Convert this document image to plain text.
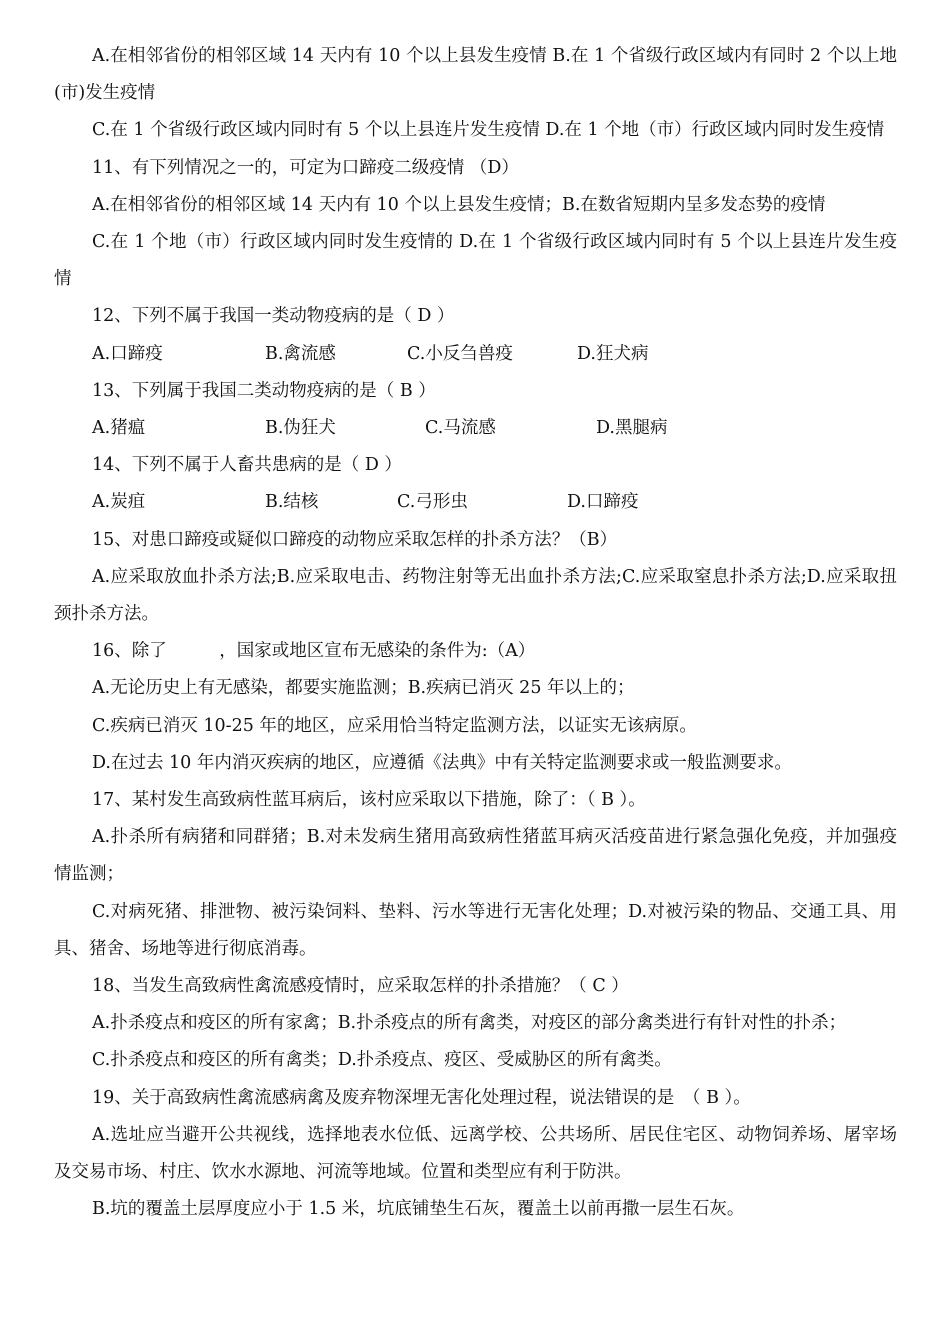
A.在相邻省份的相邻区域 14 天内有 10 个以上县发生疫情 B.在 1 个省级行政区域内有同时 2 个以上地(市)发生疫情

C.在 1 个省级行政区域内同时有 5 个以上县连片发生疫情 D.在 1 个地（市）行政区域内同时发生疫情

11、有下列情况之一的，可定为口蹄疫二级疫情 （D）

A.在相邻省份的相邻区域 14 天内有 10 个以上县发生疫情；B.在数省短期内呈多发态势的疫情

C.在 1 个地（市）行政区域内同时发生疫情的 D.在 1 个省级行政区域内同时有 5 个以上县连片发生疫情

12、下列不属于我国一类动物疫病的是（ D ）

A.口蹄疫	B.禽流感	C.小反刍兽疫	D.狂犬病

13、下列属于我国二类动物疫病的是（ B ）

A.猪瘟	B.伪狂犬	C.马流感	D.黑腿病

14、下列不属于人畜共患病的是（ D ）

A.炭疽	B.结核	C.弓形虫	D.口蹄疫

15、对患口蹄疫或疑似口蹄疫的动物应采取怎样的扑杀方法？（B）

A.应采取放血扑杀方法;B.应采取电击、药物注射等无出血扑杀方法;C.应采取窒息扑杀方法;D.应采取扭颈扑杀方法。

16、除了　　　，国家或地区宣布无感染的条件为:（A）

A.无论历史上有无感染，都要实施监测；B.疾病已消灭 25 年以上的；

C.疾病已消灭 10-25 年的地区，应采用恰当特定监测方法，以证实无该病原。

D.在过去 10 年内消灭疾病的地区，应遵循《法典》中有关特定监测要求或一般监测要求。

17、某村发生高致病性蓝耳病后，该村应采取以下措施，除了：（ B ）。

A.扑杀所有病猪和同群猪；B.对未发病生猪用高致病性猪蓝耳病灭活疫苗进行紧急强化免疫，并加强疫情监测；

C.对病死猪、排泄物、被污染饲料、垫料、污水等进行无害化处理；D.对被污染的物品、交通工具、用具、猪舍、场地等进行彻底消毒。

18、当发生高致病性禽流感疫情时，应采取怎样的扑杀措施？（ C ）

A.扑杀疫点和疫区的所有家禽；B.扑杀疫点的所有禽类，对疫区的部分禽类进行有针对性的扑杀；

C.扑杀疫点和疫区的所有禽类；D.扑杀疫点、疫区、受威胁区的所有禽类。

19、关于高致病性禽流感病禽及废弃物深埋无害化处理过程，说法错误的是　（ B ）。

A.选址应当避开公共视线，选择地表水位低、远离学校、公共场所、居民住宅区、动物饲养场、屠宰场及交易市场、村庄、饮水水源地、河流等地域。位置和类型应有利于防洪。

B.坑的覆盖土层厚度应小于 1.5 米，坑底铺垫生石灰，覆盖土以前再撒一层生石灰。
